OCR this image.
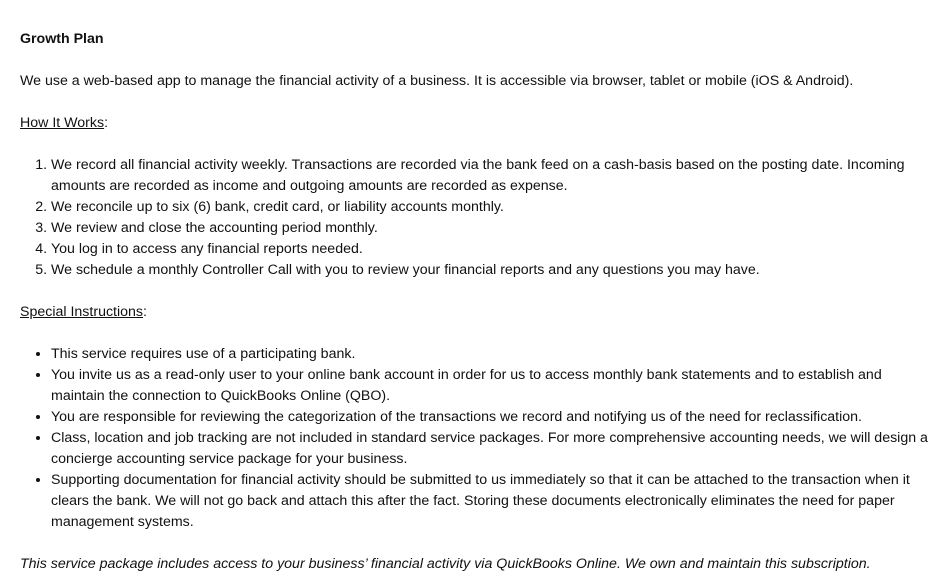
Growth Plan

We use a web-based app to manage the financial activity of a business. It is accessible via browser, tablet or mobile (iOS & Android).

How It Works:

1. We record all financial activity weekly. Transactions are recorded via the bank feed on a cash-basis based on the posting date. Incoming amounts are recorded as income and outgoing amounts are recorded as expense.
2. We reconcile up to six (6) bank, credit card, or liability accounts monthly.
3. We review and close the accounting period monthly.
4. You log in to access any financial reports needed.
5. We schedule a monthly Controller Call with you to review your financial reports and any questions you may have.

Special Instructions:

• This service requires use of a participating bank.
• You invite us as a read-only user to your online bank account in order for us to access monthly bank statements and to establish and maintain the connection to QuickBooks Online (QBO).
• You are responsible for reviewing the categorization of the transactions we record and notifying us of the need for reclassification.
• Class, location and job tracking are not included in standard service packages. For more comprehensive accounting needs, we will design a concierge accounting service package for your business.
• Supporting documentation for financial activity should be submitted to us immediately so that it can be attached to the transaction when it clears the bank. We will not go back and attach this after the fact. Storing these documents electronically eliminates the need for paper management systems.

This service package includes access to your business’ financial activity via QuickBooks Online. We own and maintain this subscription.
